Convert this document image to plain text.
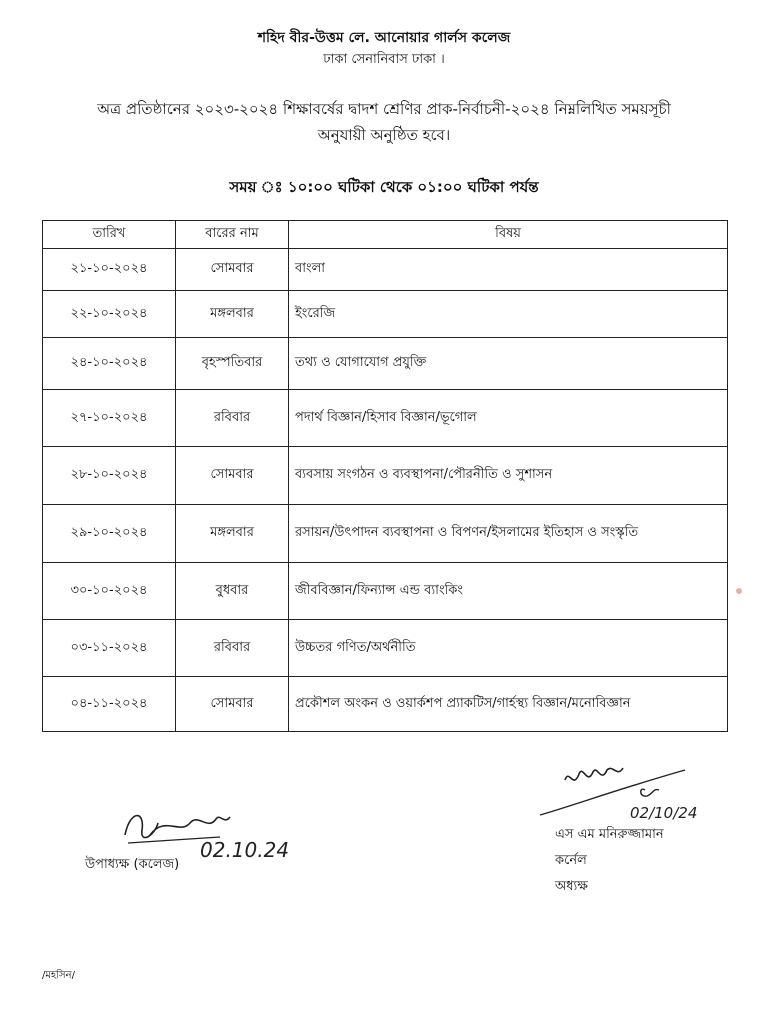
শহিদ বীর-উত্তম লে. আনোয়ার গার্লস কলেজ
ঢাকা সেনানিবাস ঢাকা ।
অত্র প্রতিষ্ঠানের ২০২৩-২০২৪ শিক্ষাবর্ষের দ্বাদশ শ্রেণির প্রাক-নির্বাচনী-২০২৪ নিম্নলিখিত সময়সূচী
অনুযায়ী অনুষ্ঠিত হবে।
সময় ঃ ১০:০০ ঘটিকা থেকে ০১:০০ ঘটিকা পর্যন্ত
তারিখ	বারের নাম	বিষয়
২১-১০-২০২৪	সোমবার	বাংলা
২২-১০-২০২৪	মঙ্গলবার	ইংরেজি
২৪-১০-২০২৪	বৃহস্পতিবার	তথ্য ও যোগাযোগ প্রযুক্তি
২৭-১০-২০২৪	রবিবার	পদার্থ বিজ্ঞান/হিসাব বিজ্ঞান/ভূগোল
২৮-১০-২০২৪	সোমবার	ব্যবসায় সংগঠন ও ব্যবস্থাপনা/পৌরনীতি ও সুশাসন
২৯-১০-২০২৪	মঙ্গলবার	রসায়ন/উৎপাদন ব্যবস্থাপনা ও বিপণন/ইসলামের ইতিহাস ও সংস্কৃতি
৩০-১০-২০২৪	বুধবার	জীববিজ্ঞান/ফিন্যান্স এন্ড ব্যাংকিং
০৩-১১-২০২৪	রবিবার	উচ্চতর গণিত/অর্থনীতি
০৪-১১-২০২৪	সোমবার	প্রকৌশল অংকন ও ওয়ার্কশপ প্র্যাকটিস/গার্হস্থ্য বিজ্ঞান/মনোবিজ্ঞান
02.10.24
উপাধ্যক্ষ (কলেজ)
02/10/24
এস এম মনিরুজ্জামান
কর্নেল
অধ্যক্ষ
/মহসিন/
